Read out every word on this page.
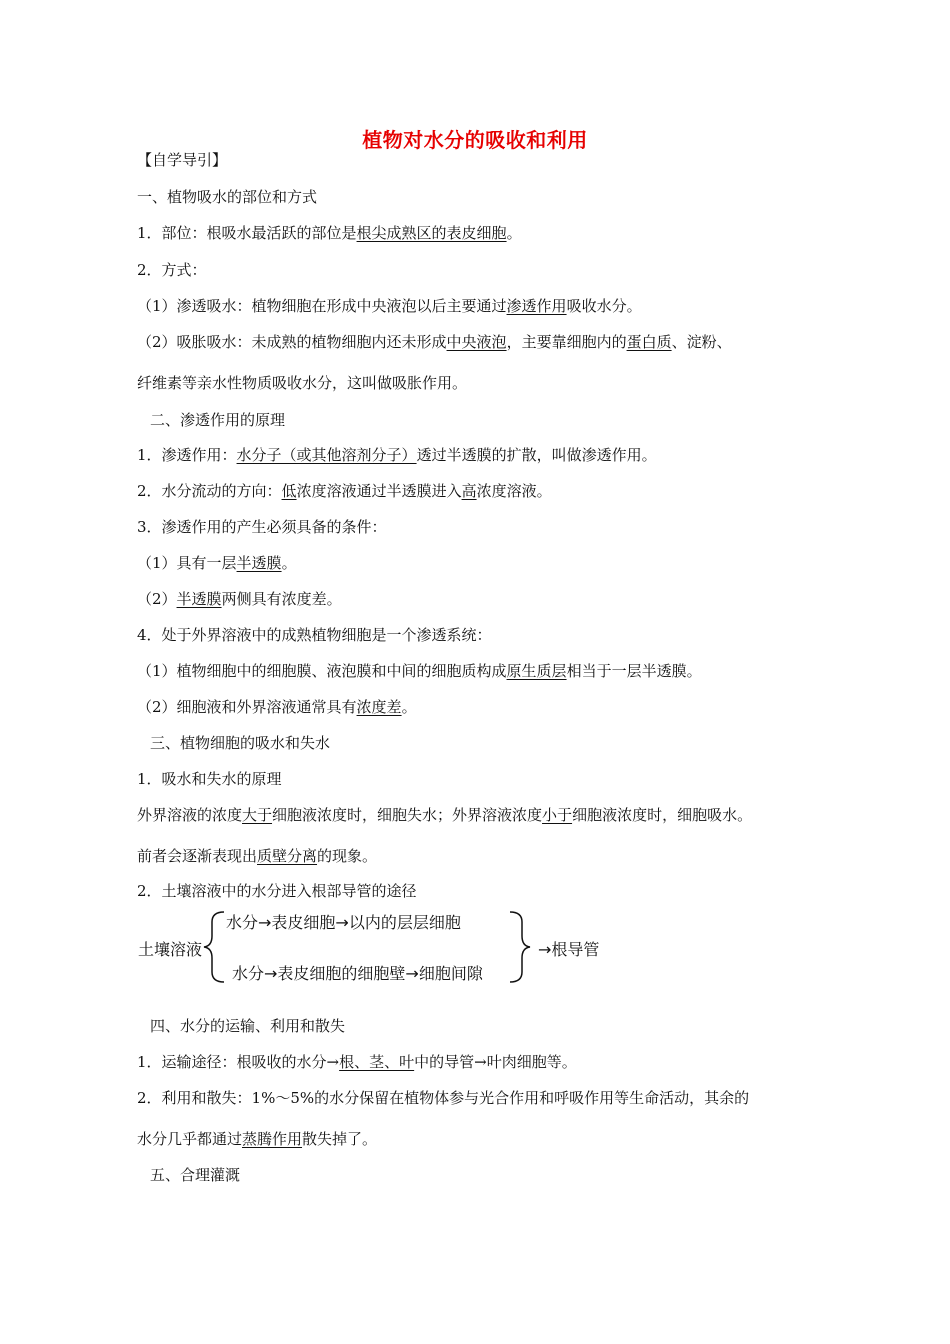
植物对水分的吸收和利用
【自学导引】
一、植物吸水的部位和方式
1．部位：根吸水最活跃的部位是根尖成熟区的表皮细胞。
2．方式：
（1）渗透吸水：植物细胞在形成中央液泡以后主要通过渗透作用吸收水分。
（2）吸胀吸水：未成熟的植物细胞内还未形成中央液泡，主要靠细胞内的蛋白质、淀粉、
纤维素等亲水性物质吸收水分，这叫做吸胀作用。
二、渗透作用的原理
1．渗透作用：水分子（或其他溶剂分子）透过半透膜的扩散，叫做渗透作用。
2．水分流动的方向：低浓度溶液通过半透膜进入高浓度溶液。
3．渗透作用的产生必须具备的条件：
（1）具有一层半透膜。
（2）半透膜两侧具有浓度差。
4．处于外界溶液中的成熟植物细胞是一个渗透系统：
（1）植物细胞中的细胞膜、液泡膜和中间的细胞质构成原生质层相当于一层半透膜。
（2）细胞液和外界溶液通常具有浓度差。
三、植物细胞的吸水和失水
1．吸水和失水的原理
外界溶液的浓度大于细胞液浓度时，细胞失水；外界溶液浓度小于细胞液浓度时，细胞吸水。
前者会逐渐表现出质壁分离的现象。
2．土壤溶液中的水分进入根部导管的途径
土壤溶液
水分→表皮细胞→以内的层层细胞
水分→表皮细胞的细胞壁→细胞间隙
→根导管
四、水分的运输、利用和散失
1．运输途径：根吸收的水分→根、茎、叶中的导管→叶肉细胞等。
2．利用和散失：1%～5%的水分保留在植物体参与光合作用和呼吸作用等生命活动，其余的
水分几乎都通过蒸腾作用散失掉了。
五、合理灌溉
